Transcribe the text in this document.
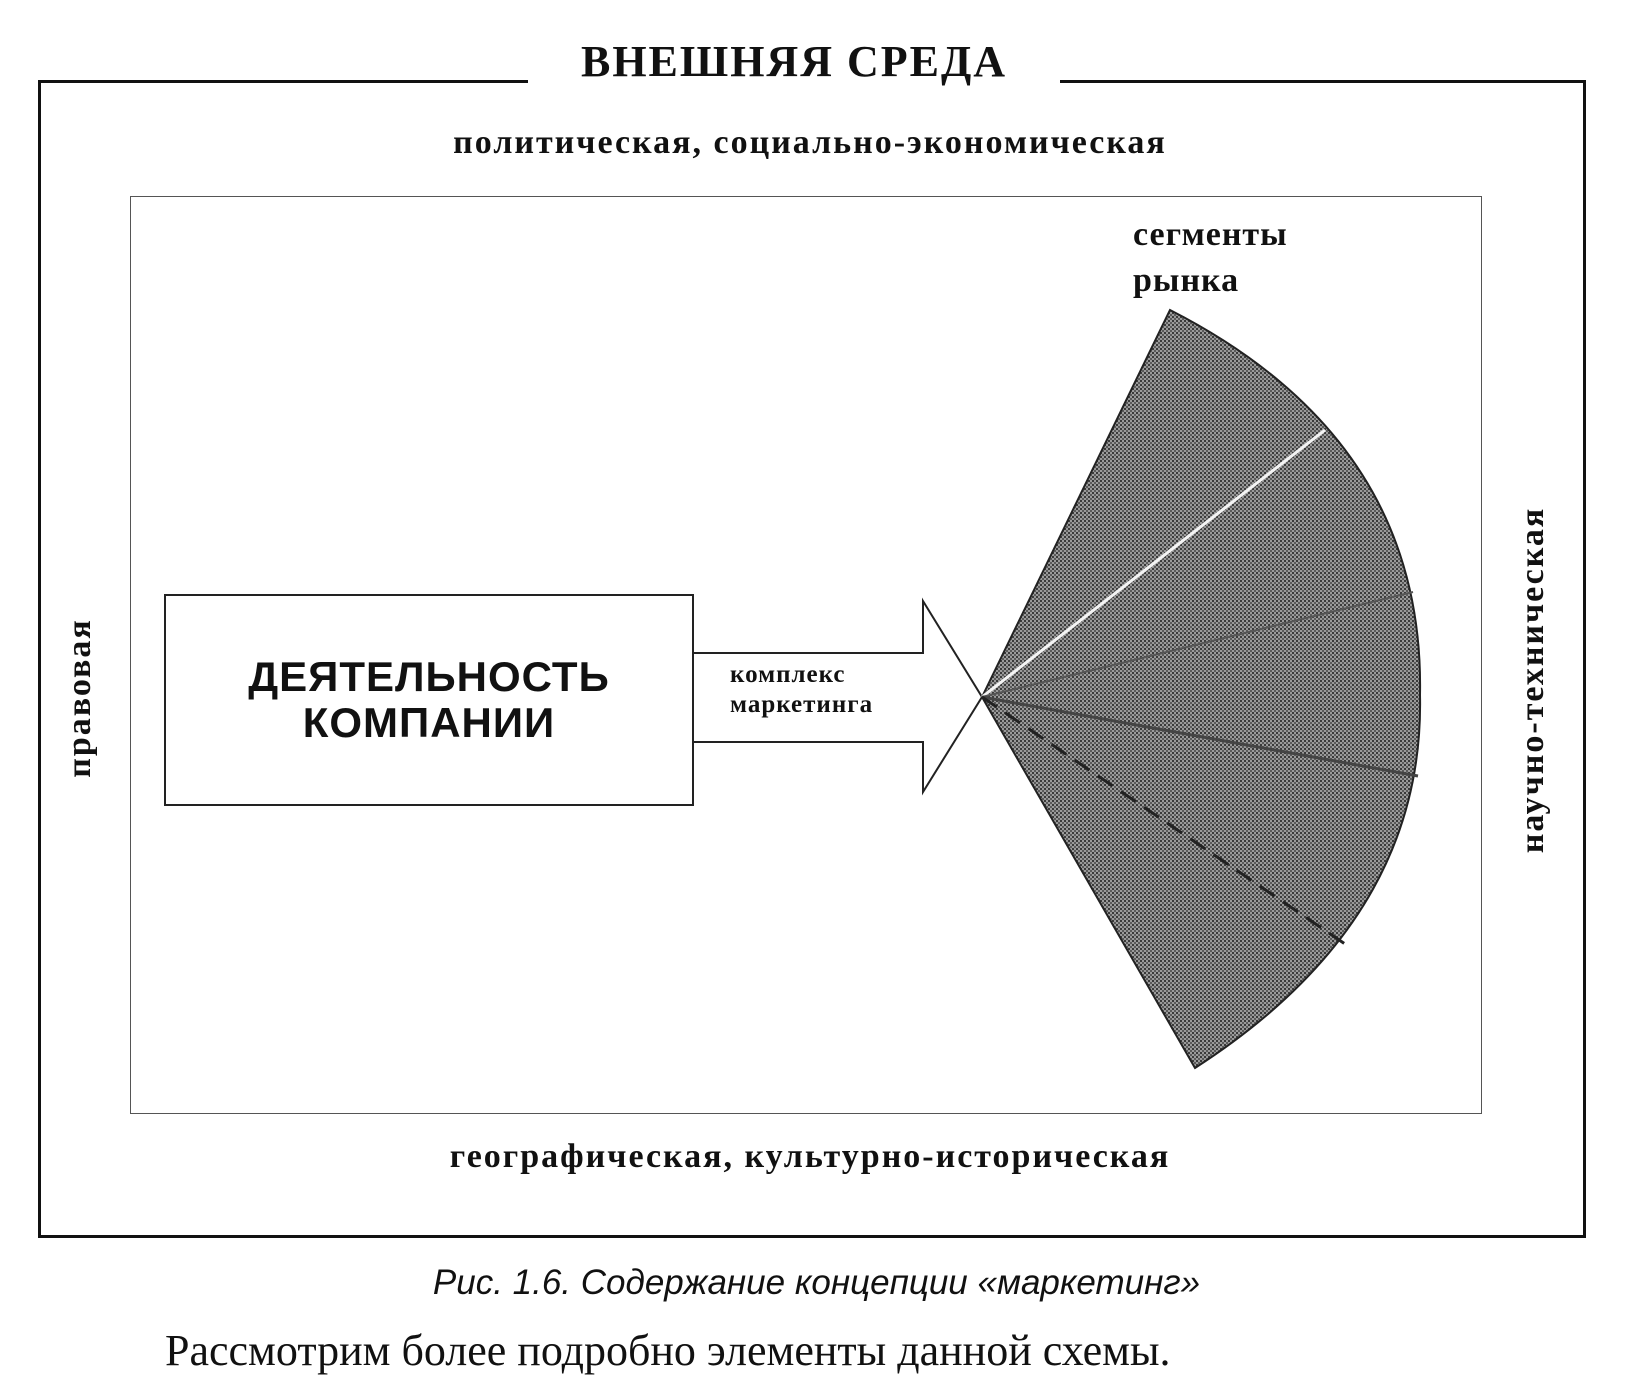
ВНЕШНЯЯ СРЕДА
политическая, социально-экономическая
географическая, культурно-историческая
правовая	научно-техническая
ДЕЯТЕЛЬНОСТЬ
КОМПАНИИ
комплекс
маркетинга
сегменты
рынка
Рис. 1.6. Содержание концепции «маркетинг»
Рассмотрим более подробно элементы данной схемы.
